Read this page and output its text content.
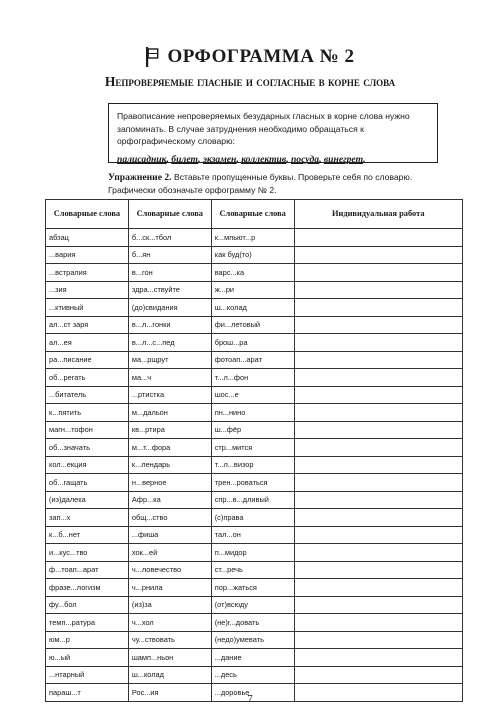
ОРФОГРАММА № 2
Непроверяемые гласные и согласные в корне слова
Правописание непроверяемых безударных гласных в корне слова нужно запоминать. В случае затруднения необходимо обращаться к орфографическому словарю:
палисадник, билет, экзамен, коллектив, посуда, винегрет.
Упражнение 2. Вставьте пропущенные буквы. Проверьте себя по словарю. Графически обозначьте орфограмму № 2.
Словарные слова	Словарные слова	Словарные слова	Индивидуальная работа
абзац	б...ск...тбол	к...мпьют...р	
...вария	б...ян	как буд(то)	
...встралия	в...гон	варс...ка	
...зия	здра...ствуйте	ж...ри	
...ктивный	(до)свидания	ш...колад	
ал...ст заря	в...л...гонки	фи...летовый	
ал...ея	в...л...с...пед	брош...ра	
ра...писание	ма...рщрут	фотоап...арат	
об...регать	ма...ч	т...л...фон	
...битатель	...ртистка	шос...е	
к...пятить	м...дальон	пн...нино	
магн...тофон	кв...ртира	ш...фёр	
об...значать	м...т...фора	стр...мится	
кол...екция	к...лендарь	т...л...визор	
об...гащать	н...верное	трен...роваться	
(из)далека	Афр...ка	спр...в...дливый	
зап...х	общ...ство	(с)права	
к...б...нет	...фиша	тал...он	
и...кус...тво	хок...ей	п...мидор	
ф...тоап...арат	ч...ловечество	ст...речь	
фразе...логизм	ч...рнила	пор...жаться	
фу...бол	(из)за	(от)всюду	
темп...ратура	ч...хол	(не)г...довать	
юм...р	чу...ствовать	(недо)умевать	
ю...ый	шамп...ньон	...дание	
...нтарный	ш...колад	...десь	
параш...т	Рос...ия	...доровье	
7
